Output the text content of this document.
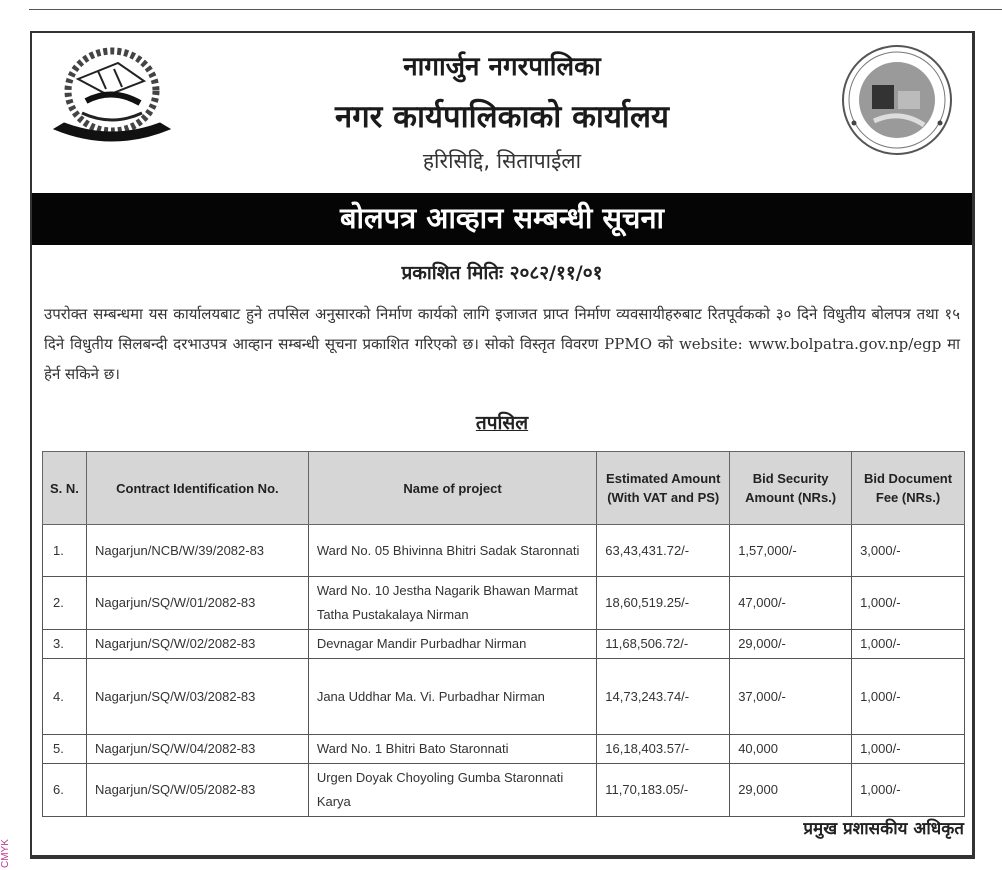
नागार्जुन नगरपालिका
नगर कार्यपालिकाको कार्यालय
हरिसिद्दि, सितापाईला
बोलपत्र आव्हान सम्बन्धी सूचना
प्रकाशित मितिः २०८२/११/०१
उपरोक्त सम्बन्धमा यस कार्यालयबाट हुने तपसिल अनुसारको निर्माण कार्यको लागि इजाजत प्राप्त निर्माण व्यवसायीहरुबाट रितपूर्वकको ३० दिने विधुतीय बोलपत्र तथा १५ दिने विधुतीय सिलबन्दी दरभाउपत्र आव्हान सम्बन्धी सूचना प्रकाशित गरिएको छ। सोको विस्तृत विवरण PPMO को website: www.bolpatra.gov.np/egp मा हेर्न सकिने छ।
तपसिल
S. N.	Contract Identification No.	Name of project	Estimated Amount (With VAT and PS)	Bid Security Amount (NRs.)	Bid Document Fee (NRs.)
1.	Nagarjun/NCB/W/39/2082-83	Ward No. 05 Bhivinna Bhitri Sadak Staronnati	63,43,431.72/-	1,57,000/-	3,000/-
2.	Nagarjun/SQ/W/01/2082-83	Ward No. 10 Jestha Nagarik Bhawan Marmat Tatha Pustakalaya Nirman	18,60,519.25/-	47,000/-	1,000/-
3.	Nagarjun/SQ/W/02/2082-83	Devnagar Mandir Purbadhar Nirman	11,68,506.72/-	29,000/-	1,000/-
4.	Nagarjun/SQ/W/03/2082-83	Jana Uddhar Ma. Vi. Purbadhar Nirman	14,73,243.74/-	37,000/-	1,000/-
5.	Nagarjun/SQ/W/04/2082-83	Ward No. 1 Bhitri Bato Staronnati	16,18,403.57/-	40,000	1,000/-
6.	Nagarjun/SQ/W/05/2082-83	Urgen Doyak Choyoling Gumba Staronnati Karya	11,70,183.05/-	29,000	1,000/-
प्रमुख प्रशासकीय अधिकृत
CMYK
